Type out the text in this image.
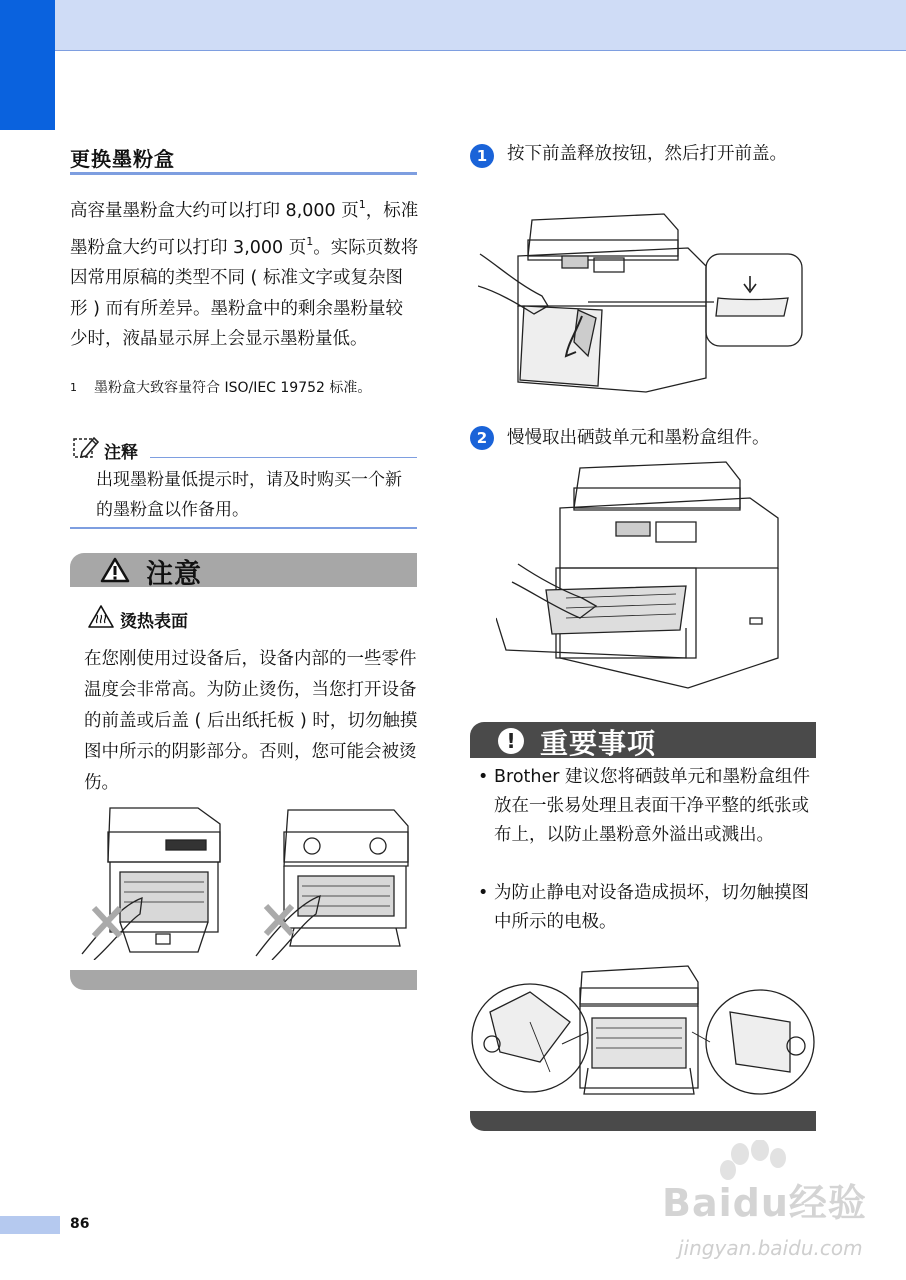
更换墨粉盒
高容量墨粉盒大约可以打印 8,000 页$^1$，标准墨粉盒大约可以打印 3,000 页$^1$。实际页数将因常用原稿的类型不同 ( 标准文字或复杂图形 ) 而有所差异。墨粉盒中的剩余墨粉量较少时，液晶显示屏上会显示墨粉量低。
1	墨粉盒大致容量符合 ISO/IEC 19752 标准。
注释
出现墨粉量低提示时，请及时购买一个新的墨粉盒以作备用。
注意
烫热表面
在您刚使用过设备后，设备内部的一些零件温度会非常高。为防止烫伤，当您打开设备的前盖或后盖 ( 后出纸托板 ) 时，切勿触摸图中所示的阴影部分。否则，您可能会被烫伤。
1	按下前盖释放按钮，然后打开前盖。
2	慢慢取出硒鼓单元和墨粉盒组件。
! 重要事项
• Brother 建议您将硒鼓单元和墨粉盒组件放在一张易处理且表面干净平整的纸张或布上，以防止墨粉意外溢出或溅出。
• 为防止静电对设备造成损坏，切勿触摸图中所示的电极。
86	Baidu经验
jingyan.baidu.com
